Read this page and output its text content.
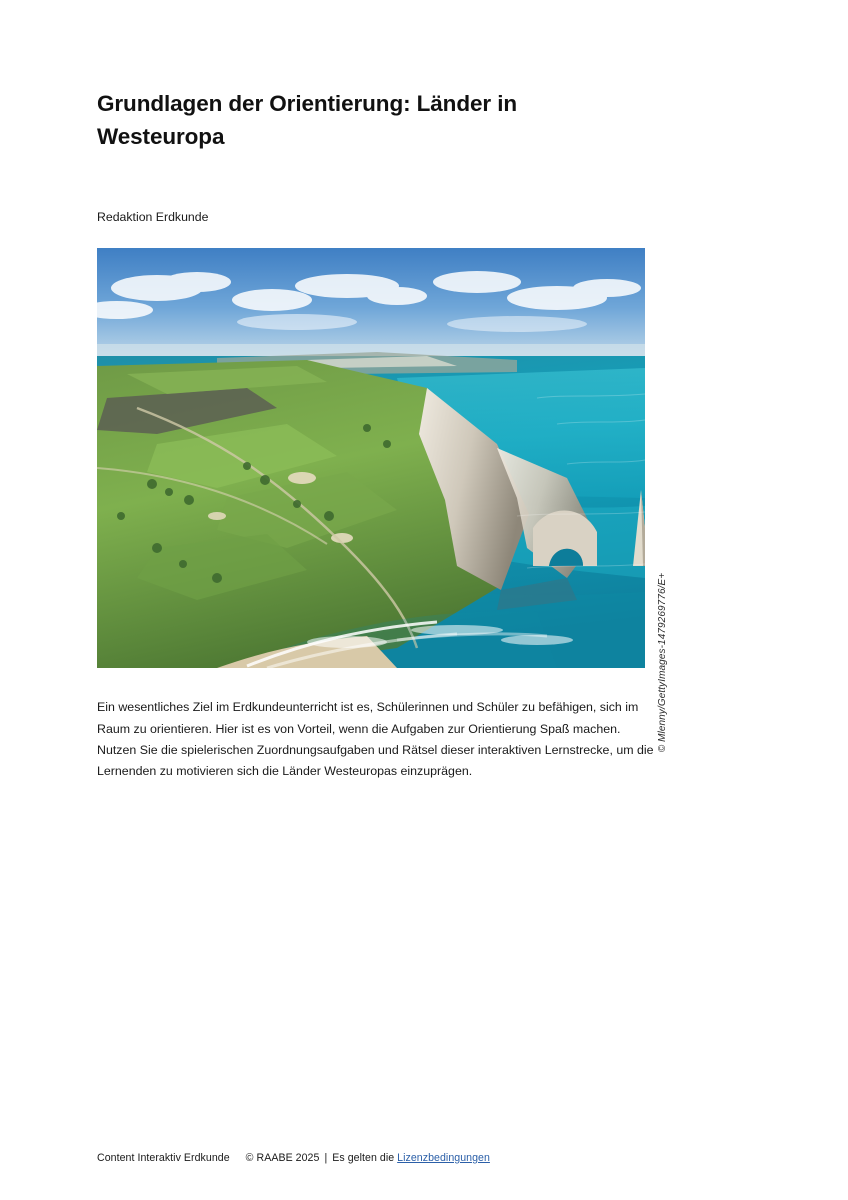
Grundlagen der Orientierung: Länder in Westeuropa
Redaktion Erdkunde
© Mlenny/GettyImages-1479269776/E+

Ein wesentliches Ziel im Erdkundeunterricht ist es, Schülerinnen und Schüler zu befähigen, sich im Raum zu orientieren. Hier ist es von Vorteil, wenn die Aufgaben zur Orientierung Spaß machen. Nutzen Sie die spielerischen Zuordnungsaufgaben und Rätsel dieser interaktiven Lernstrecke, um die Lernenden zu motivieren sich die Länder Westeuropas einzuprägen.

Content Interaktiv Erdkunde © RAABE 2025 | Es gelten die Lizenzbedingungen
